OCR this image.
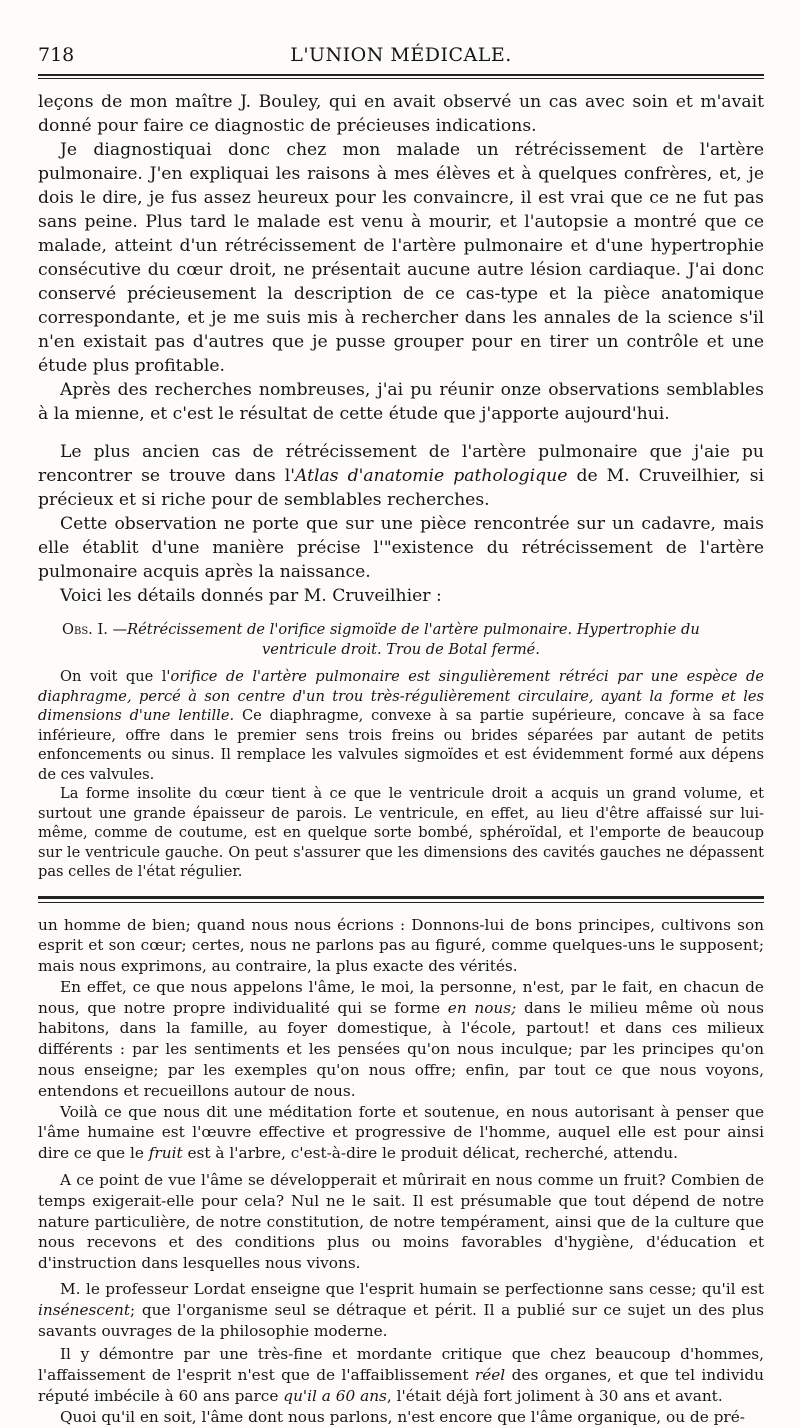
718	L'UNION MÉDICALE.

leçons de mon maître J. Bouley, qui en avait observé un cas avec soin et m'avait donné pour faire ce diagnostic de précieuses indications.

Je diagnostiquai donc chez mon malade un rétrécissement de l'artère pulmonaire. J'en expliquai les raisons à mes élèves et à quelques confrères, et, je dois le dire, je fus assez heureux pour les convaincre, il est vrai que ce ne fut pas sans peine. Plus tard le malade est venu à mourir, et l'autopsie a montré que ce malade, atteint d'un rétrécissement de l'artère pulmonaire et d'une hypertrophie consécutive du cœur droit, ne présentait aucune autre lésion cardiaque. J'ai donc conservé précieusement la description de ce cas-type et la pièce anatomique correspondante, et je me suis mis à rechercher dans les annales de la science s'il n'en existait pas d'autres que je pusse grouper pour en tirer un contrôle et une étude plus profitable.

Après des recherches nombreuses, j'ai pu réunir onze observations semblables à la mienne, et c'est le résultat de cette étude que j'apporte aujourd'hui.

Le plus ancien cas de rétrécissement de l'artère pulmonaire que j'aie pu rencontrer se trouve dans l'Atlas d'anatomie pathologique de M. Cruveilhier, si précieux et si riche pour de semblables recherches.

Cette observation ne porte que sur une pièce rencontrée sur un cadavre, mais elle établit d'une manière précise l'"existence du rétrécissement de l'artère pulmonaire acquis après la naissance.

Voici les détails donnés par M. Cruveilhier :

Obs. I. —Rétrécissement de l'orifice sigmoïde de l'artère pulmonaire. Hypertrophie du
ventricule droit. Trou de Botal fermé.

On voit que l'orifice de l'artère pulmonaire est singulièrement rétréci par une espèce de diaphragme, percé à son centre d'un trou très-régulièrement circulaire, ayant la forme et les dimensions d'une lentille. Ce diaphragme, convexe à sa partie supérieure, concave à sa face inférieure, offre dans le premier sens trois freins ou brides séparées par autant de petits enfoncements ou sinus. Il remplace les valvules sigmoïdes et est évidemment formé aux dépens de ces valvules.

La forme insolite du cœur tient à ce que le ventricule droit a acquis un grand volume, et surtout une grande épaisseur de parois. Le ventricule, en effet, au lieu d'être affaissé sur lui-même, comme de coutume, est en quelque sorte bombé, sphéroïdal, et l'emporte de beaucoup sur le ventricule gauche. On peut s'assurer que les dimensions des cavités gauches ne dépassent pas celles de l'état régulier.

un homme de bien; quand nous nous écrions : Donnons-lui de bons principes, cultivons son esprit et son cœur; certes, nous ne parlons pas au figuré, comme quelques-uns le supposent; mais nous exprimons, au contraire, la plus exacte des vérités.

En effet, ce que nous appelons l'âme, le moi, la personne, n'est, par le fait, en chacun de nous, que notre propre individualité qui se forme en nous; dans le milieu même où nous habitons, dans la famille, au foyer domestique, à l'école, partout! et dans ces milieux différents : par les sentiments et les pensées qu'on nous inculque; par les principes qu'on nous enseigne; par les exemples qu'on nous offre; enfin, par tout ce que nous voyons, entendons et recueillons autour de nous.

Voilà ce que nous dit une méditation forte et soutenue, en nous autorisant à penser que l'âme humaine est l'œuvre effective et progressive de l'homme, auquel elle est pour ainsi dire ce que le fruit est à l'arbre, c'est-à-dire le produit délicat, recherché, attendu.

A ce point de vue l'âme se développerait et mûrirait en nous comme un fruit? Combien de temps exigerait-elle pour cela? Nul ne le sait. Il est présumable que tout dépend de notre nature particulière, de notre constitution, de notre tempérament, ainsi que de la culture que nous recevons et des conditions plus ou moins favorables d'hygiène, d'éducation et d'instruction dans lesquelles nous vivons.

M. le professeur Lordat enseigne que l'esprit humain se perfectionne sans cesse; qu'il est insénescent; que l'organisme seul se détraque et périt. Il a publié sur ce sujet un des plus savants ouvrages de la philosophie moderne.

Il y démontre par une très-fine et mordante critique que chez beaucoup d'hommes, l'affaissement de l'esprit n'est que de l'affaiblissement réel des organes, et que tel individu réputé imbécile à 60 ans parce qu'il a 60 ans, l'était déjà fort joliment à 30 ans et avant.

Quoi qu'il en soit, l'âme dont nous parlons, n'est encore que l'âme organique, ou de pré-
